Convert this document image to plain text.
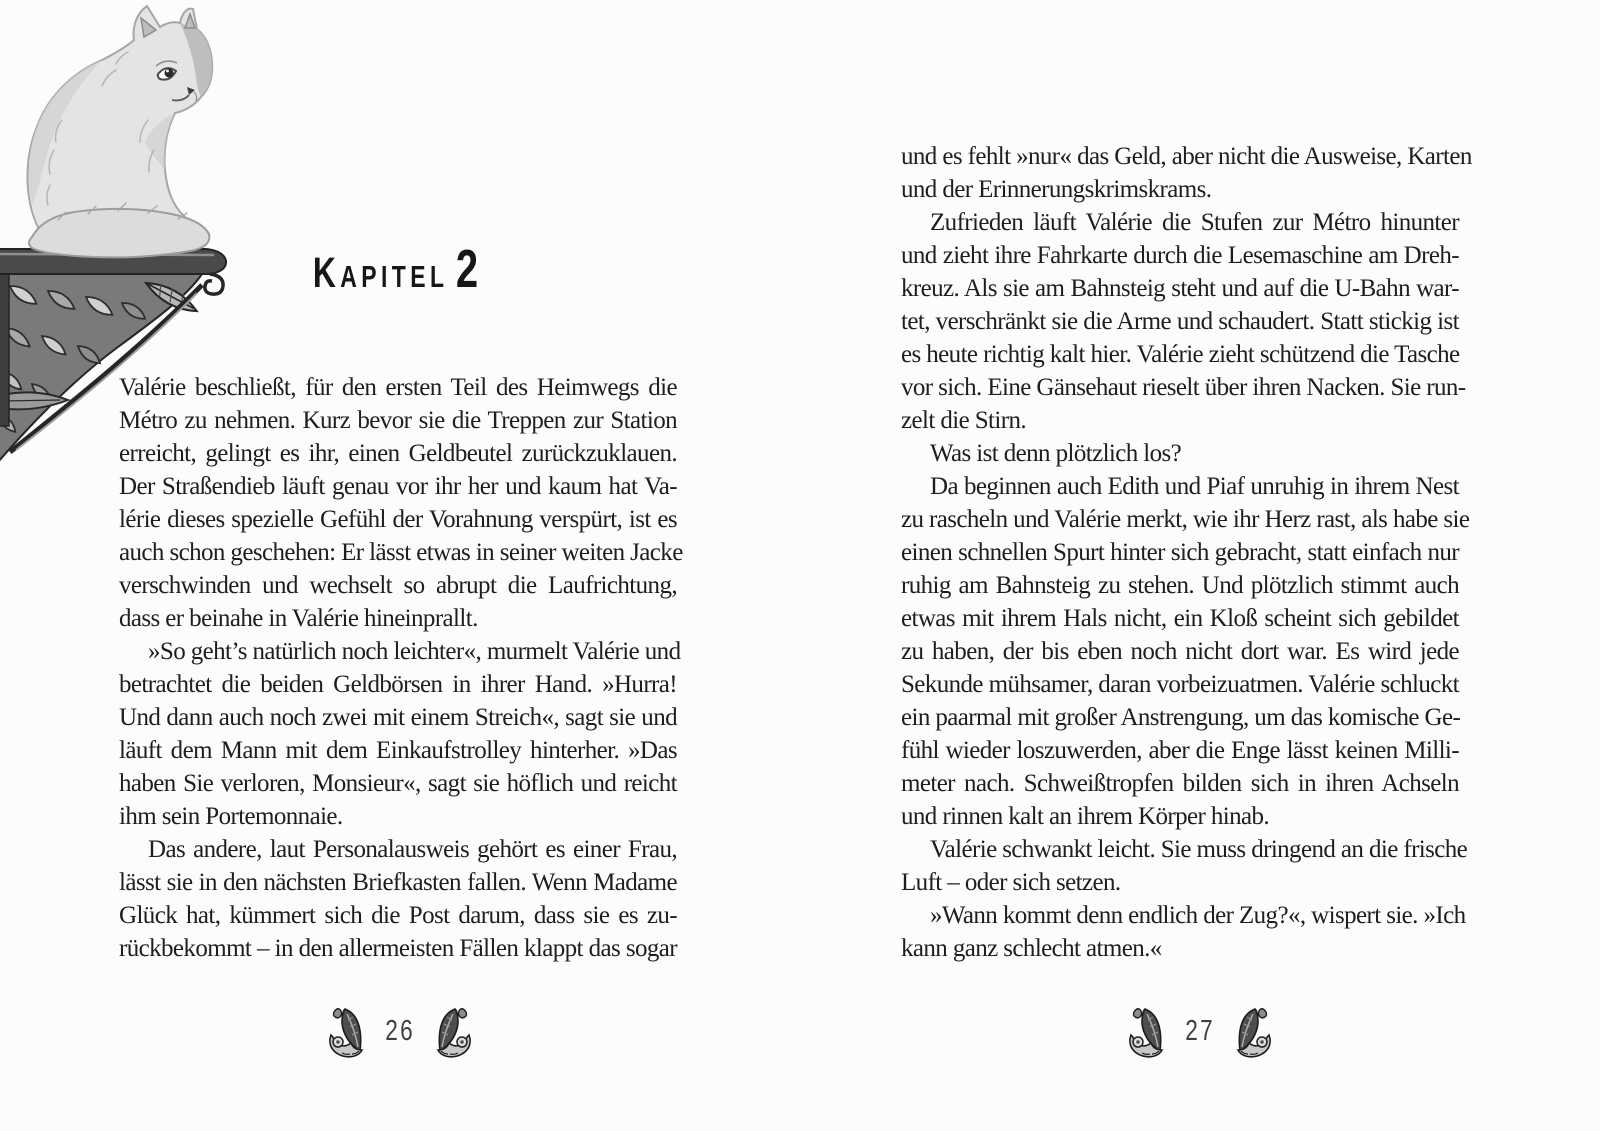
KAPITEL 2
Valérie beschließt, für den ersten Teil des Heimwegs die
Métro zu nehmen. Kurz bevor sie die Treppen zur Station
erreicht, gelingt es ihr, einen Geldbeutel zurückzuklauen.
Der Straßendieb läuft genau vor ihr her und kaum hat Va-
lérie dieses spezielle Gefühl der Vorahnung verspürt, ist es
auch schon geschehen: Er lässt etwas in seiner weiten Jacke
verschwinden und wechselt so abrupt die Laufrichtung,
dass er beinahe in Valérie hineinprallt.
»So geht’s natürlich noch leichter«, murmelt Valérie und
betrachtet die beiden Geldbörsen in ihrer Hand. »Hurra!
Und dann auch noch zwei mit einem Streich«, sagt sie und
läuft dem Mann mit dem Einkaufstrolley hinterher. »Das
haben Sie verloren, Monsieur«, sagt sie höflich und reicht
ihm sein Portemonnaie.
Das andere, laut Personalausweis gehört es einer Frau,
lässt sie in den nächsten Briefkasten fallen. Wenn Madame
Glück hat, kümmert sich die Post darum, dass sie es zu-
rückbekommt – in den allermeisten Fällen klappt das sogar
und es fehlt »nur« das Geld, aber nicht die Ausweise, Karten
und der Erinnerungskrimskrams.
Zufrieden läuft Valérie die Stufen zur Métro hinunter
und zieht ihre Fahrkarte durch die Lesemaschine am Dreh-
kreuz. Als sie am Bahnsteig steht und auf die U-Bahn war-
tet, verschränkt sie die Arme und schaudert. Statt stickig ist
es heute richtig kalt hier. Valérie zieht schützend die Tasche
vor sich. Eine Gänsehaut rieselt über ihren Nacken. Sie run-
zelt die Stirn.
Was ist denn plötzlich los?
Da beginnen auch Edith und Piaf unruhig in ihrem Nest
zu rascheln und Valérie merkt, wie ihr Herz rast, als habe sie
einen schnellen Spurt hinter sich gebracht, statt einfach nur
ruhig am Bahnsteig zu stehen. Und plötzlich stimmt auch
etwas mit ihrem Hals nicht, ein Kloß scheint sich gebildet
zu haben, der bis eben noch nicht dort war. Es wird jede
Sekunde mühsamer, daran vorbeizuatmen. Valérie schluckt
ein paarmal mit großer Anstrengung, um das komische Ge-
fühl wieder loszuwerden, aber die Enge lässt keinen Milli-
meter nach. Schweißtropfen bilden sich in ihren Achseln
und rinnen kalt an ihrem Körper hinab.
Valérie schwankt leicht. Sie muss dringend an die frische
Luft – oder sich setzen.
»Wann kommt denn endlich der Zug?«, wispert sie. »Ich
kann ganz schlecht atmen.«
26	27
